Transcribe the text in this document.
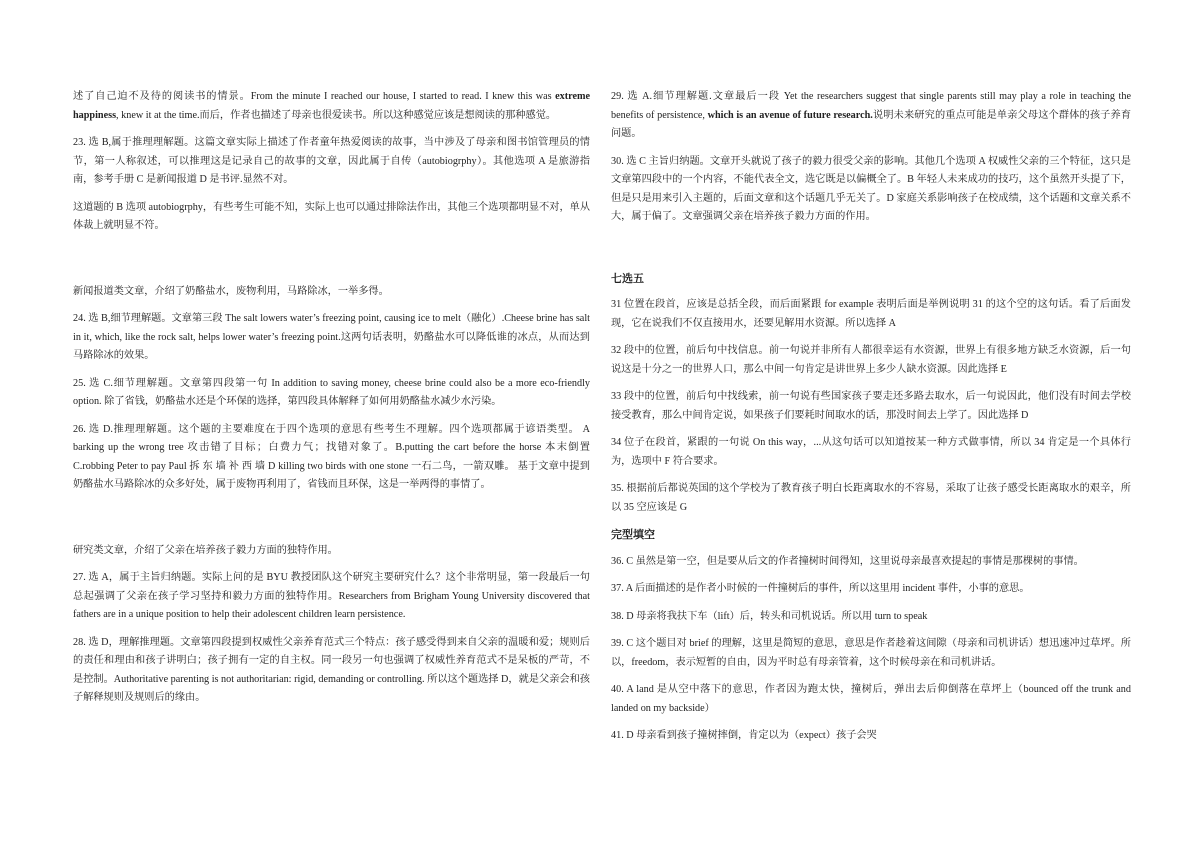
述了自己迫不及待的阅读书的情景。From the minute I reached our house, I started to read. I knew this was extreme happiness, knew it at the time.而后，作者也描述了母亲也很爱读书。所以这种感觉应该是想阅读的那种感觉。

23. 选 B,属于推理理解题。这篇文章实际上描述了作者童年热爱阅读的故事，当中涉及了母亲和图书馆管理员的情节，第一人称叙述，可以推理这是记录自己的故事的文章，因此属于自传（autobiogrphy）。其他选项 A 是旅游指南，参考手册 C 是新闻报道 D 是书评.显然不对。

这道题的 B 选项 autobiogrphy，有些考生可能不知，实际上也可以通过排除法作出，其他三个选项都明显不对，单从体裁上就明显不符。

新闻报道类文章，介绍了奶酪盐水，废物利用，马路除冰，一举多得。

24. 选 B,细节理解题。文章第三段 The salt lowers water’s freezing point, causing ice to melt（融化）.Cheese brine has salt in it, which, like the rock salt, helps lower water’s freezing point.这两句话表明，奶酪盐水可以降低谁的冰点，从而达到马路除冰的效果。

25. 选 C.细节理解题。文章第四段第一句 In addition to saving money, cheese brine could also be a more eco-friendly option. 除了省钱，奶酪盐水还是个环保的选择，第四段具体解释了如何用奶酪盐水减少水污染。

26. 选 D.推理理解题。这个题的主要难度在于四个选项的意思有些考生不理解。四个选项都属于谚语类型。 A barking up the wrong tree 攻击错了目标；白费力气；找错对象了。B.putting the cart before the horse 本末倒置 C.robbing Peter to pay Paul 拆 东 墙 补 西 墙 D killing two birds with one stone 一石二鸟，一箭双雕。 基于文章中提到奶酪盐水马路除冰的众多好处，属于废物再利用了，省钱而且环保，这是一举两得的事情了。

研究类文章，介绍了父亲在培养孩子毅力方面的独特作用。

27. 选 A，属于主旨归纳题。实际上问的是 BYU 教授团队这个研究主要研究什么？这个非常明显，第一段最后一句总起强调了父亲在孩子学习坚持和毅力方面的独特作用。Researchers from Brigham Young University discovered that fathers are in a unique position to help their adolescent children learn persistence.

28. 选 D，理解推理题。文章第四段提到权威性父亲养育范式三个特点：孩子感受得到来自父亲的温暖和爱；规则后的责任和理由和孩子讲明白；孩子拥有一定的自主权。同一段另一句也强调了权威性养育范式不是呆板的严苛，不是控制。Authoritative parenting is not authoritarian: rigid, demanding or controlling. 所以这个题选择 D，就是父亲会和孩子解释规则及规则后的缘由。

29. 选 A.细节理解题.文章最后一段 Yet the researchers suggest that single parents still may play a role in teaching the benefits of persistence, which is an avenue of future research.说明未来研究的重点可能是单亲父母这个群体的孩子养育问题。

30. 选 C 主旨归纳题。文章开头就说了孩子的毅力很受父亲的影响。其他几个选项 A 权威性父亲的三个特征，这只是文章第四段中的一个内容，不能代表全文，选它既是以偏概全了。B 年轻人未来成功的技巧，这个虽然开头提了下，但是只是用来引入主题的，后面文章和这个话题几乎无关了。D 家庭关系影响孩子在校成绩，这个话题和文章关系不大，属于偏了。文章强调父亲在培养孩子毅力方面的作用。

七选五

31 位置在段首，应该是总括全段，而后面紧跟 for example 表明后面是举例说明 31 的这个空的这句话。看了后面发现，它在说我们不仅直接用水，还要见解用水资源。所以选择 A

32 段中的位置，前后句中找信息。前一句说并非所有人都很幸运有水资源，世界上有很多地方缺乏水资源，后一句说这是十分之一的世界人口，那么中间一句肯定是讲世界上多少人缺水资源。因此选择 E

33 段中的位置，前后句中找线索，前一句说有些国家孩子要走还多路去取水，后一句说因此，他们没有时间去学校接受教育，那么中间肯定说，如果孩子们要耗时间取水的话，那没时间去上学了。因此选择 D

34 位子在段首，紧跟的一句说 On this way，...从这句话可以知道按某一种方式做事情，所以 34 肯定是一个具体行为，选项中 F 符合要求。

35. 根据前后都说英国的这个学校为了教育孩子明白长距离取水的不容易，采取了让孩子感受长距离取水的艰辛，所以 35 空应该是 G

完型填空

36. C 虽然是第一空，但是要从后文的作者撞树时间得知，这里说母亲最喜欢提起的事情是那棵树的事情。

37. A 后面描述的是作者小时候的一件撞树后的事件，所以这里用 incident 事件，小事的意思。

38. D 母亲将我扶下车（lift）后，转头和司机说话。所以用 turn to speak

39. C 这个题目对 brief 的理解，这里是简短的意思，意思是作者趁着这间隙（母亲和司机讲话）想迅速冲过草坪。所以，freedom，表示短暂的自由，因为平时总有母亲管着，这个时候母亲在和司机讲话。

40. A land 是从空中落下的意思，作者因为跑太快，撞树后，弹出去后仰倒落在草坪上（bounced off the trunk and landed on my backside）

41. D 母亲看到孩子撞树摔倒，肯定以为（expect）孩子会哭
